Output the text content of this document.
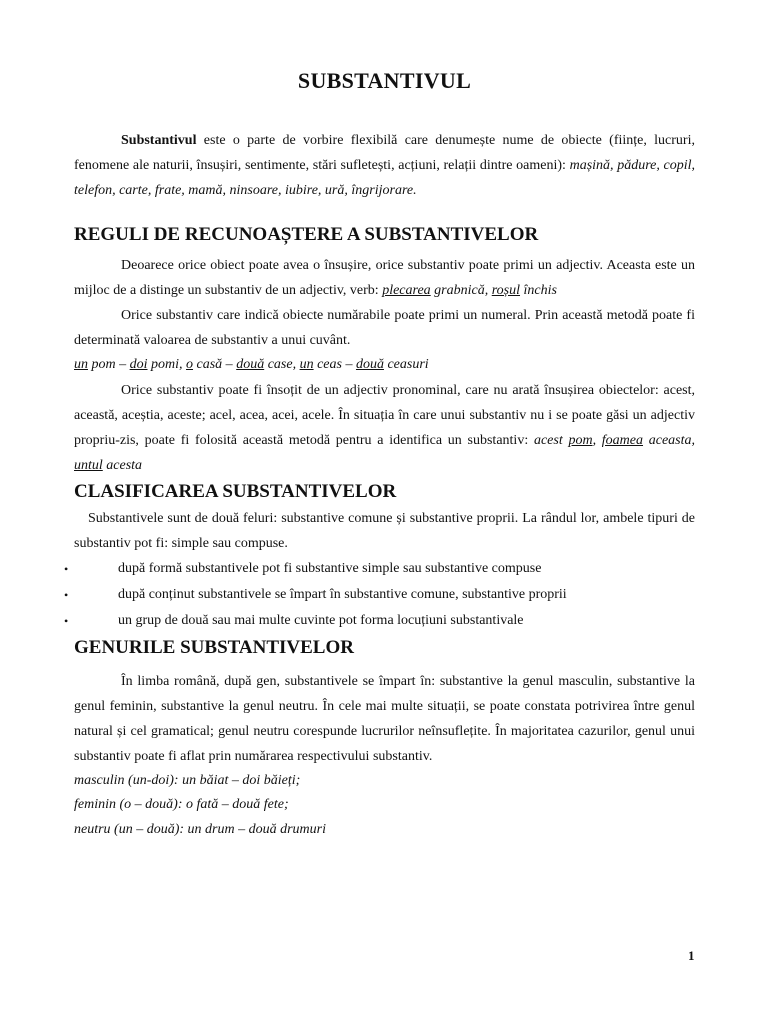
SUBSTANTIVUL

Substantivul este o parte de vorbire flexibilă care denumește nume de obiecte (ființe, lucruri, fenomene ale naturii, însușiri, sentimente, stări sufletești, acțiuni, relații dintre oameni): mașină, pădure, copil, telefon, carte, frate, mamă, ninsoare, iubire, ură, îngrijorare.

REGULI DE RECUNOAȘTERE A SUBSTANTIVELOR

Deoarece orice obiect poate avea o însușire, orice substantiv poate primi un adjectiv. Aceasta este un mijloc de a distinge un substantiv de un adjectiv, verb: plecarea grabnică, roșul închis

Orice substantiv care indică obiecte numărabile poate primi un numeral. Prin această metodă poate fi determinată valoarea de substantiv a unui cuvânt.

un pom – doi pomi, o casă – două case, un ceas – două ceasuri

Orice substantiv poate fi însoțit de un adjectiv pronominal, care nu arată însușirea obiectelor: acest, această, aceștia, aceste; acel, acea, acei, acele. În situația în care unui substantiv nu i se poate găsi un adjectiv propriu-zis, poate fi folosită această metodă pentru a identifica un substantiv: acest pom, foamea aceasta, untul acesta

CLASIFICAREA SUBSTANTIVELOR

Substantivele sunt de două feluri: substantive comune și substantive proprii. La rândul lor, ambele tipuri de substantiv pot fi: simple sau compuse.

• după formă substantivele pot fi substantive simple sau substantive compuse

• după conținut substantivele se împart în substantive comune, substantive proprii

• un grup de două sau mai multe cuvinte pot forma locuțiuni substantivale

GENURILE SUBSTANTIVELOR

În limba română, după gen, substantivele se împart în: substantive la genul masculin, substantive la genul feminin, substantive la genul neutru. În cele mai multe situații, se poate constata potrivirea între genul natural și cel gramatical; genul neutru corespunde lucrurilor neînsuflețite. În majoritatea cazurilor, genul unui substantiv poate fi aflat prin numărarea respectivului substantiv.

masculin (un-doi): un băiat – doi băieți;

feminin (o – două): o fată – două fete;

neutru (un – două): un drum – două drumuri

1
